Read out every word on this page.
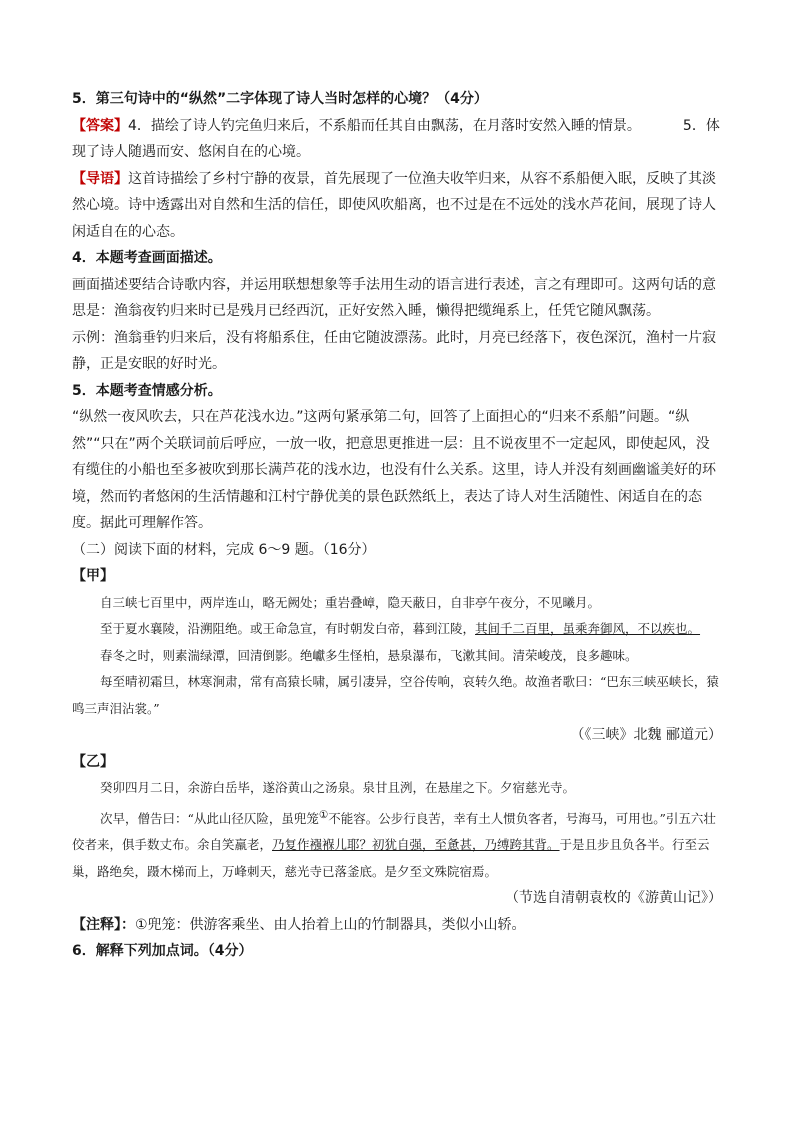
5．第三句诗中的“纵然”二字体现了诗人当时怎样的心境？（4分）

【答案】4．描绘了诗人钓完鱼归来后，不系船而任其自由飘荡，在月落时安然入睡的情景。	5．体现了诗人随遇而安、悠闲自在的心境。

【导语】这首诗描绘了乡村宁静的夜景，首先展现了一位渔夫收竿归来，从容不系船便入眠，反映了其淡然心境。诗中透露出对自然和生活的信任，即使风吹船离，也不过是在不远处的浅水芦花间，展现了诗人闲适自在的心态。

4．本题考查画面描述。

画面描述要结合诗歌内容，并运用联想想象等手法用生动的语言进行表述，言之有理即可。这两句话的意思是：渔翁夜钓归来时已是残月已经西沉，正好安然入睡，懒得把缆绳系上，任凭它随风飘荡。

示例：渔翁垂钓归来后，没有将船系住，任由它随波漂荡。此时，月亮已经落下，夜色深沉，渔村一片寂静，正是安眠的好时光。

5．本题考查情感分析。

“纵然一夜风吹去，只在芦花浅水边。”这两句紧承第二句，回答了上面担心的“归来不系船”问题。“纵然”“只在”两个关联词前后呼应，一放一收，把意思更推进一层：且不说夜里不一定起风，即使起风，没有缆住的小船也至多被吹到那长满芦花的浅水边，也没有什么关系。这里，诗人并没有刻画幽谧美好的环境，然而钓者悠闲的生活情趣和江村宁静优美的景色跃然纸上，表达了诗人对生活随性、闲适自在的态度。据此可理解作答。

（二）阅读下面的材料，完成 6～9 题。（16分）

【甲】

自三峡七百里中，两岸连山，略无阙处；重岩叠嶂，隐天蔽日，自非亭午夜分，不见曦月。

至于夏水襄陵，沿溯阻绝。或王命急宣，有时朝发白帝，暮到江陵，其间千二百里，虽乘奔御风，不以疾也。

春冬之时，则素湍绿潭，回清倒影。绝巘多生怪柏，悬泉瀑布，飞漱其间。清荣峻茂，良多趣味。

每至晴初霜旦，林寒涧肃，常有高猿长啸，属引凄异，空谷传响，哀转久绝。故渔者歌曰：“巴东三峡巫峡长，猿鸣三声泪沾裳。”

（《三峡》北魏 郦道元）

【乙】

癸卯四月二日，余游白岳毕，遂浴黄山之汤泉。泉甘且洌，在悬崖之下。夕宿慈光寺。

次早，僧告曰：“从此山径仄险，虽兜笼①不能容。公步行良苦，幸有土人惯负客者，号海马，可用也。”引五六壮佼者来，俱手数丈布。余自笑羸老，乃复作襁褓儿耶？初犹自强，至惫甚，乃缚跨其背。于是且步且负各半。行至云巢，路绝矣，蹑木梯而上，万峰刺天，慈光寺已落釜底。是夕至文殊院宿焉。

（节选自清朝袁枚的《游黄山记》）

【注释】：①兜笼：供游客乘坐、由人抬着上山的竹制器具，类似小山轿。

6．解释下列加点词。（4分）
